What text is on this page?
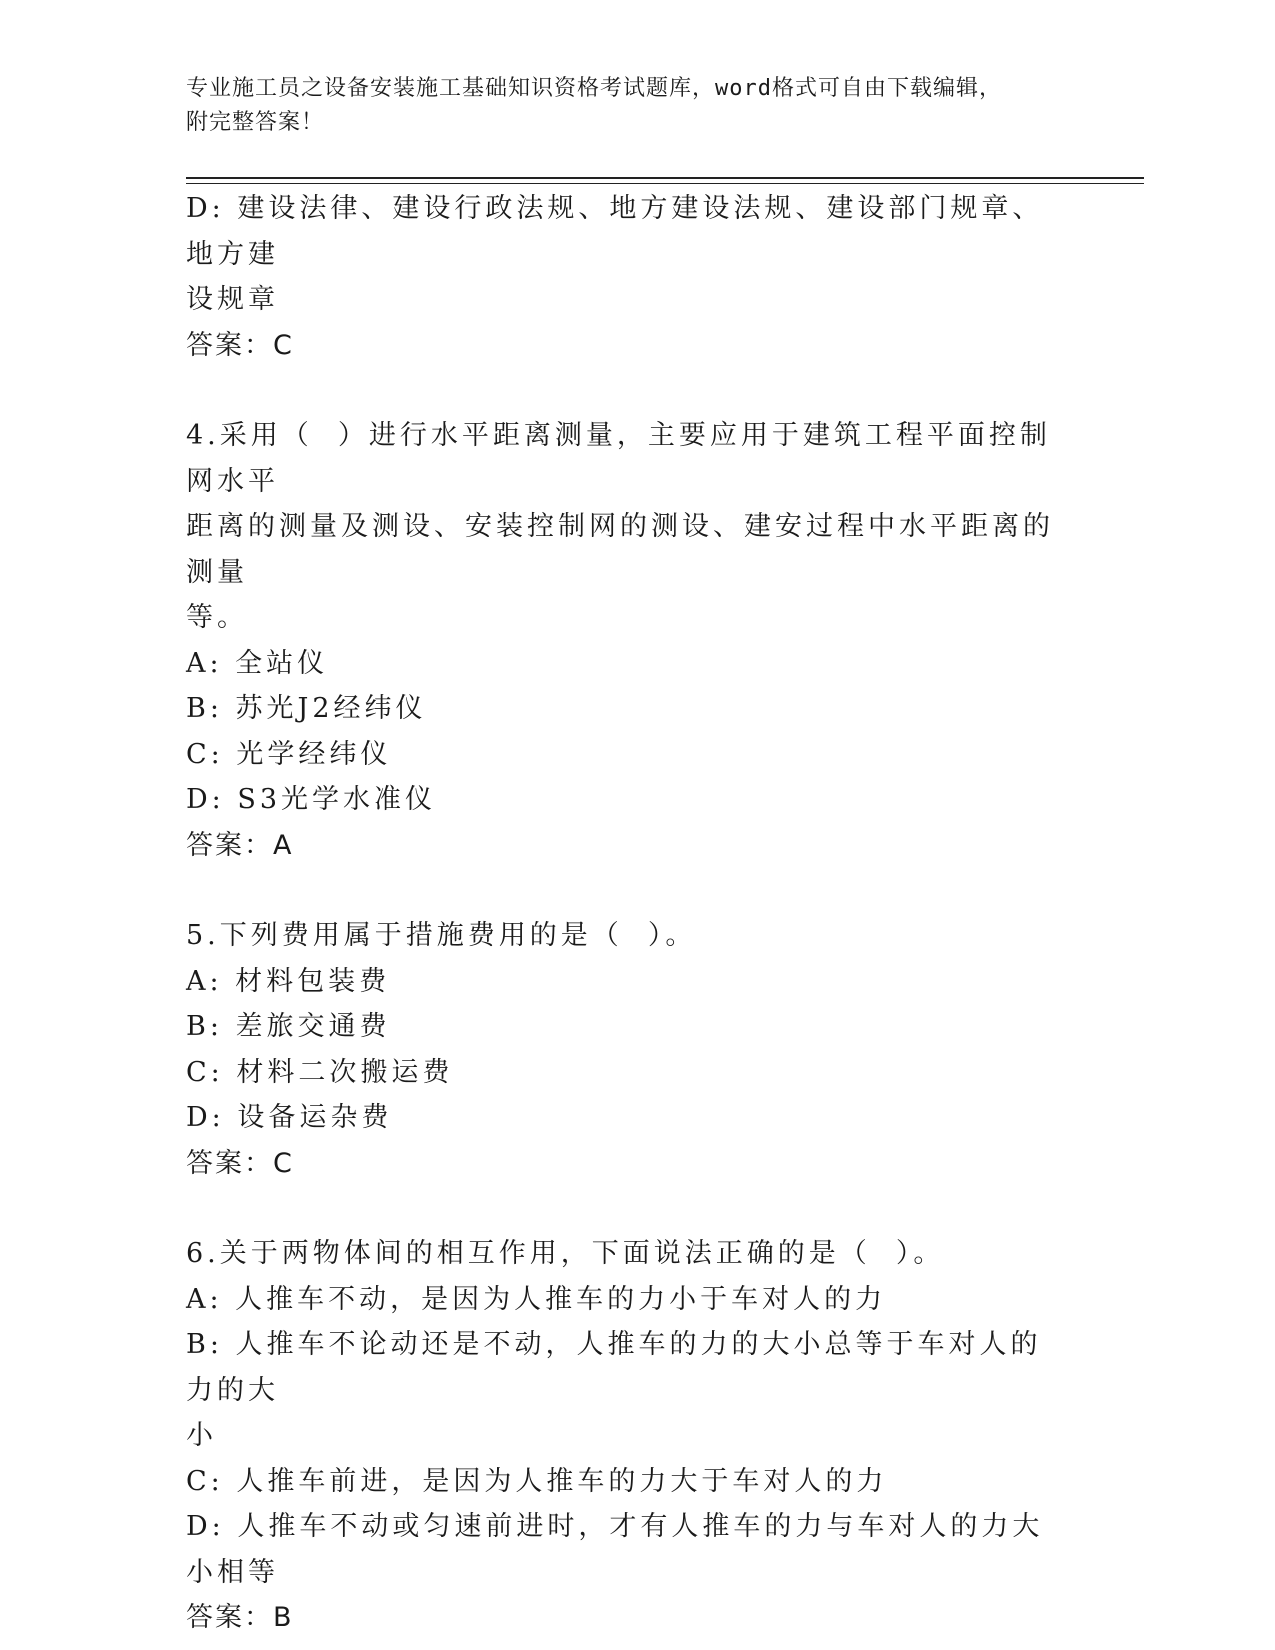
专业施工员之设备安装施工基础知识资格考试题库，word格式可自由下载编辑，
附完整答案！
D: 建设法律、建设行政法规、地方建设法规、建设部门规章、地方建
设规章
答案：C
4.采用（  ）进行水平距离测量，主要应用于建筑工程平面控制网水平
距离的测量及测设、安装控制网的测设、建安过程中水平距离的测量
等。
A: 全站仪
B: 苏光J2经纬仪
C: 光学经纬仪
D: S3光学水准仪
答案：A
5.下列费用属于措施费用的是（  ）。
A: 材料包装费
B: 差旅交通费
C: 材料二次搬运费
D: 设备运杂费
答案：C
6.关于两物体间的相互作用，下面说法正确的是（  ）。
A: 人推车不动，是因为人推车的力小于车对人的力
B: 人推车不论动还是不动，人推车的力的大小总等于车对人的力的大
小
C: 人推车前进，是因为人推车的力大于车对人的力
D: 人推车不动或匀速前进时，才有人推车的力与车对人的力大小相等
答案：B
